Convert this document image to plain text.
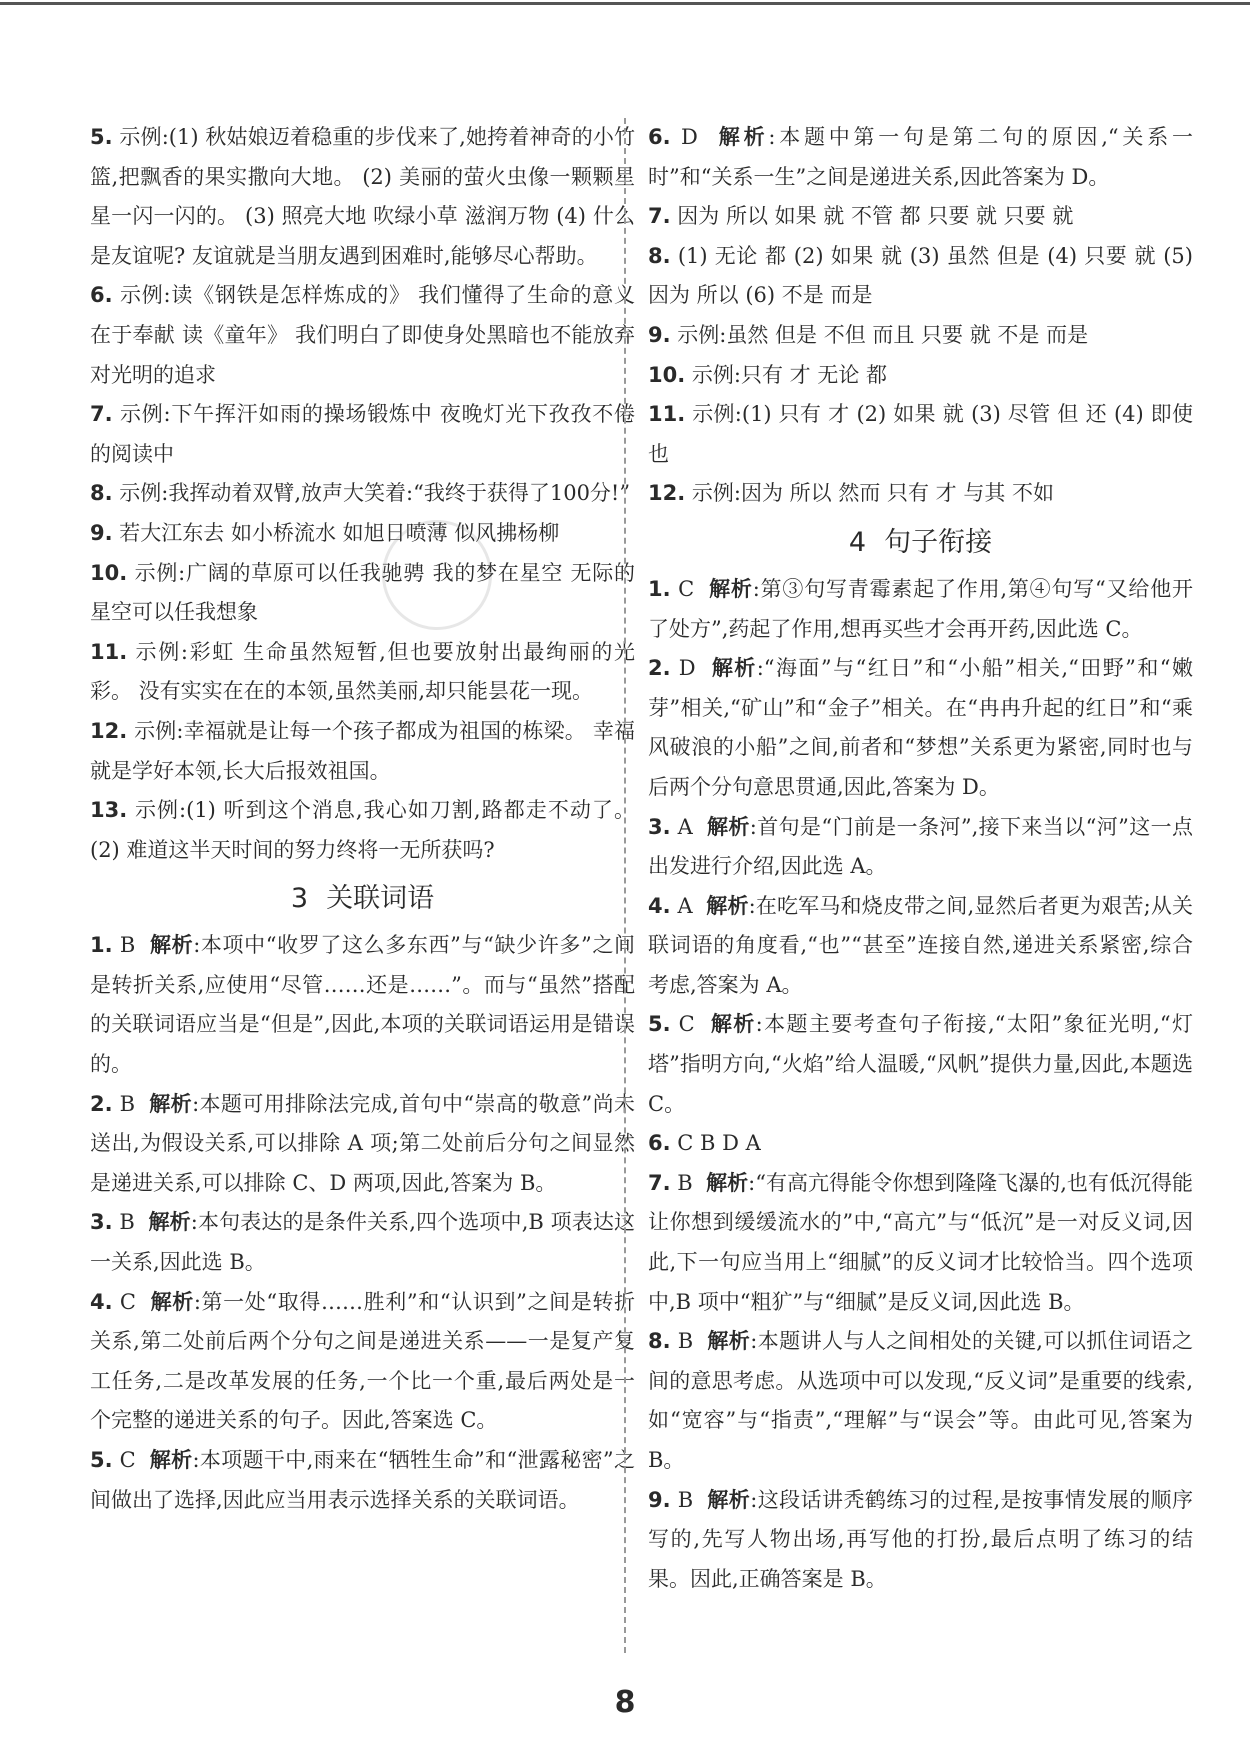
5. 示例:(1) 秋姑娘迈着稳重的步伐来了,她挎着神奇的小竹篮,把飘香的果实撒向大地。 (2) 美丽的萤火虫像一颗颗星星一闪一闪的。 (3) 照亮大地 吹绿小草 滋润万物 (4) 什么是友谊呢? 友谊就是当朋友遇到困难时,能够尽心帮助。

6. 示例:读《钢铁是怎样炼成的》 我们懂得了生命的意义在于奉献 读《童年》 我们明白了即使身处黑暗也不能放弃对光明的追求

7. 示例:下午挥汗如雨的操场锻炼中 夜晚灯光下孜孜不倦的阅读中

8. 示例:我挥动着双臂,放声大笑着:“我终于获得了100分!”

9. 若大江东去 如小桥流水 如旭日喷薄 似风拂杨柳

10. 示例:广阔的草原可以任我驰骋 我的梦在星空 无际的星空可以任我想象

11. 示例:彩虹 生命虽然短暂,但也要放射出最绚丽的光彩。 没有实实在在的本领,虽然美丽,却只能昙花一现。

12. 示例:幸福就是让每一个孩子都成为祖国的栋梁。 幸福就是学好本领,长大后报效祖国。

13. 示例:(1) 听到这个消息,我心如刀割,路都走不动了。 (2) 难道这半天时间的努力终将一无所获吗?

3 关联词语

1. B 解析:本项中“收罗了这么多东西”与“缺少许多”之间是转折关系,应使用“尽管……还是……”。而与“虽然”搭配的关联词语应当是“但是”,因此,本项的关联词语运用是错误的。

2. B 解析:本题可用排除法完成,首句中“崇高的敬意”尚未送出,为假设关系,可以排除 A 项;第二处前后分句之间显然是递进关系,可以排除 C、D 两项,因此,答案为 B。

3. B 解析:本句表达的是条件关系,四个选项中,B 项表达这一关系,因此选 B。

4. C 解析:第一处“取得……胜利”和“认识到”之间是转折关系,第二处前后两个分句之间是递进关系——一是复产复工任务,二是改革发展的任务,一个比一个重,最后两处是一个完整的递进关系的句子。因此,答案选 C。

5. C 解析:本项题干中,雨来在“牺牲生命”和“泄露秘密”之间做出了选择,因此应当用表示选择关系的关联词语。

6. D 解析:本题中第一句是第二句的原因,“关系一时”和“关系一生”之间是递进关系,因此答案为 D。

7. 因为 所以 如果 就 不管 都 只要 就 只要 就

8. (1) 无论 都 (2) 如果 就 (3) 虽然 但是 (4) 只要 就 (5) 因为 所以 (6) 不是 而是

9. 示例:虽然 但是 不但 而且 只要 就 不是 而是

10. 示例:只有 才 无论 都

11. 示例:(1) 只有 才 (2) 如果 就 (3) 尽管 但 还 (4) 即使 也

12. 示例:因为 所以 然而 只有 才 与其 不如

4 句子衔接

1. C 解析:第③句写青霉素起了作用,第④句写“又给他开了处方”,药起了作用,想再买些才会再开药,因此选 C。

2. D 解析:“海面”与“红日”和“小船”相关,“田野”和“嫩芽”相关,“矿山”和“金子”相关。在“冉冉升起的红日”和“乘风破浪的小船”之间,前者和“梦想”关系更为紧密,同时也与后两个分句意思贯通,因此,答案为 D。

3. A 解析:首句是“门前是一条河”,接下来当以“河”这一点出发进行介绍,因此选 A。

4. A 解析:在吃军马和烧皮带之间,显然后者更为艰苦;从关联词语的角度看,“也”“甚至”连接自然,递进关系紧密,综合考虑,答案为 A。

5. C 解析:本题主要考查句子衔接,“太阳”象征光明,“灯塔”指明方向,“火焰”给人温暖,“风帆”提供力量,因此,本题选 C。

6. C B D A

7. B 解析:“有高亢得能令你想到隆隆飞瀑的,也有低沉得能让你想到缓缓流水的”中,“高亢”与“低沉”是一对反义词,因此,下一句应当用上“细腻”的反义词才比较恰当。四个选项中,B 项中“粗犷”与“细腻”是反义词,因此选 B。

8. B 解析:本题讲人与人之间相处的关键,可以抓住词语之间的意思考虑。从选项中可以发现,“反义词”是重要的线索,如“宽容”与“指责”,“理解”与“误会”等。由此可见,答案为 B。

9. B 解析:这段话讲秃鹤练习的过程,是按事情发展的顺序写的,先写人物出场,再写他的打扮,最后点明了练习的结果。因此,正确答案是 B。

8
